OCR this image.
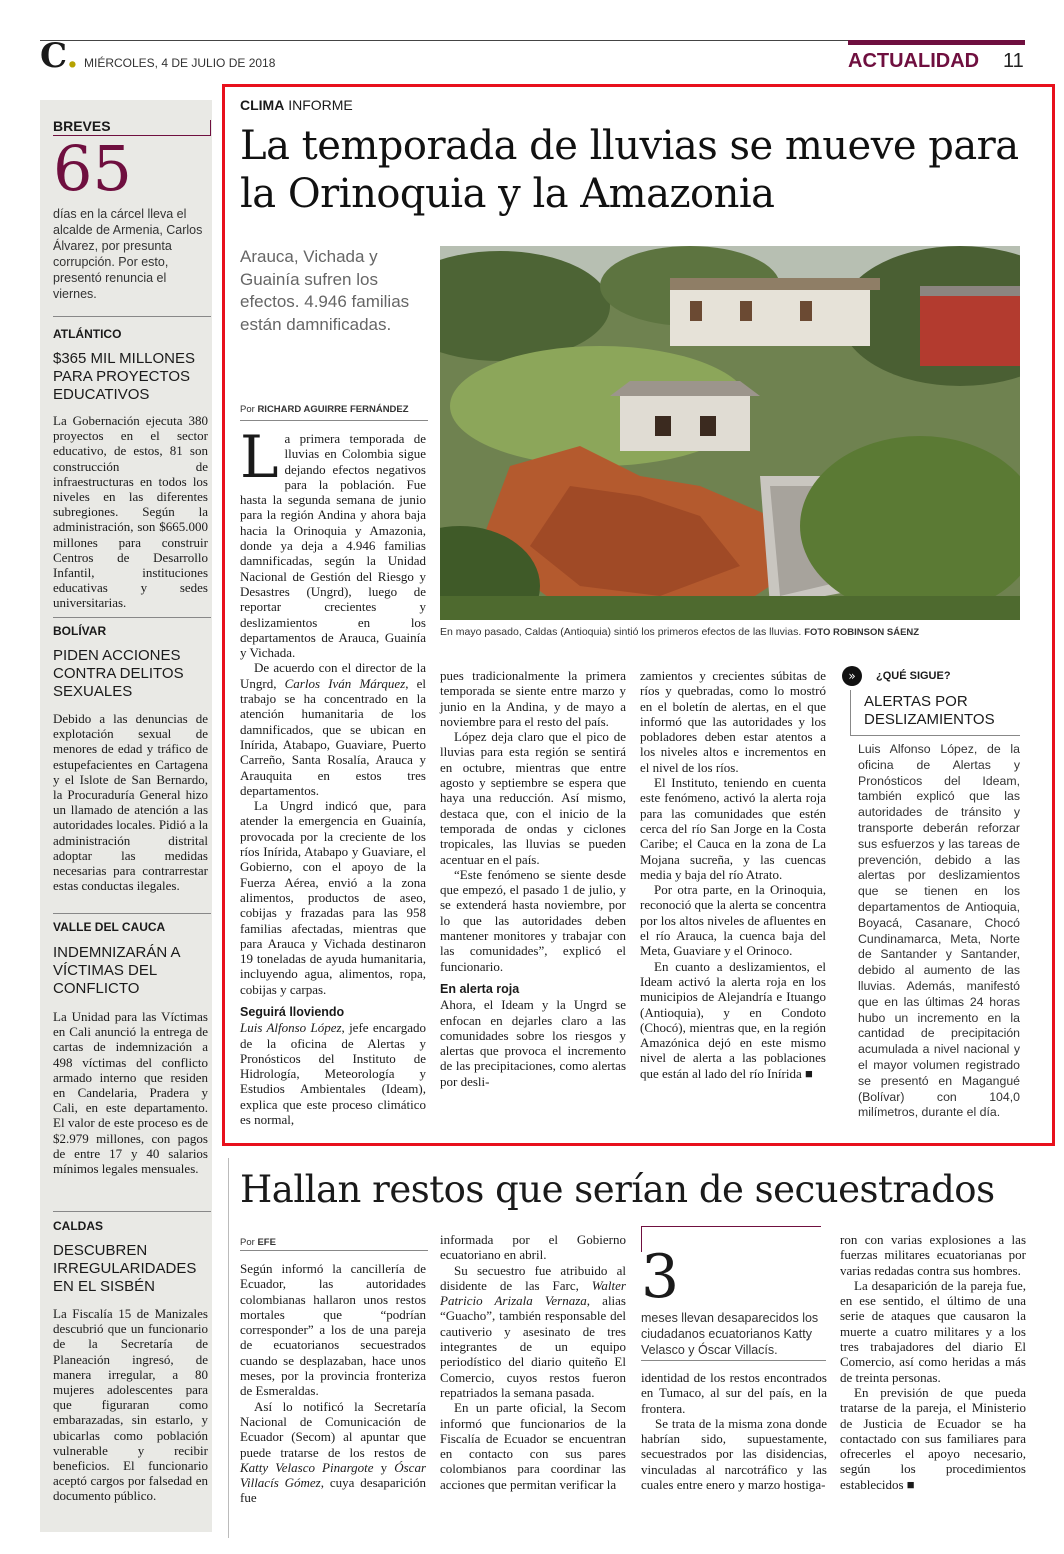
C. MIÉRCOLES, 4 DE JULIO DE 2018	ACTUALIDAD 11
BREVES
65
días en la cárcel lleva el alcalde de Armenia, Carlos Álvarez, por presunta corrupción. Por esto, presentó renuncia el viernes.
ATLÁNTICO
$365 MIL MILLONES PARA PROYECTOS EDUCATIVOS
La Gobernación ejecuta 380 proyectos en el sector educativo, de estos, 81 son construcción de infraestructuras en todos los niveles en las diferentes subregiones. Según la administración, son $665.000 millones para construir Centros de Desarrollo Infantil, instituciones educativas y sedes universitarias.
BOLÍVAR
PIDEN ACCIONES CONTRA DELITOS SEXUALES
Debido a las denuncias de explotación sexual de menores de edad y tráfico de estupefacientes en Cartagena y el Islote de San Bernardo, la Procuraduría General hizo un llamado de atención a las autoridades locales. Pidió a la administración distrital adoptar las medidas necesarias para contrarrestar estas conductas ilegales.
VALLE DEL CAUCA
INDEMNIZARÁN A VÍCTIMAS DEL CONFLICTO
La Unidad para las Víctimas en Cali anunció la entrega de cartas de indemnización a 498 víctimas del conflicto armado interno que residen en Candelaria, Pradera y Cali, en este departamento. El valor de este proceso es de $2.979 millones, con pagos de entre 17 y 40 salarios mínimos legales mensuales.
CALDAS
DESCUBREN IRREGULARIDADES EN EL SISBÉN
La Fiscalía 15 de Manizales descubrió que un funcionario de la Secretaría de Planeación ingresó, de manera irregular, a 80 mujeres adolescentes para que figuraran como embarazadas, sin estarlo, y ubicarlas como población vulnerable y recibir beneficios. El funcionario aceptó cargos por falsedad en documento público.
CLIMA INFORME
La temporada de lluvias se mueve para la Orinoquia y la Amazonia
Arauca, Vichada y Guainía sufren los efectos. 4.946 familias están damnificadas.
Por RICHARD AGUIRRE FERNÁNDEZ
En mayo pasado, Caldas (Antioquia) sintió los primeros efectos de las lluvias. FOTO ROBINSON SÁENZ
L a primera temporada de lluvias en Colombia sigue dejando efectos negativos para la población. Fue hasta la segunda semana de junio para la región Andina y ahora baja hacia la Orinoquia y Amazonia, donde ya deja a 4.946 familias damnificadas, según la Unidad Nacional de Gestión del Riesgo y Desastres (Ungrd), luego de reportar crecientes y deslizamientos en los departamentos de Arauca, Guainía y Vichada.

De acuerdo con el director de la Ungrd, Carlos Iván Márquez, el trabajo se ha concentrado en la atención humanitaria de los damnificados, que se ubican en Inírida, Atabapo, Guaviare, Puerto Carreño, Santa Rosalía, Arauca y Arauquita en estos tres departamentos.

La Ungrd indicó que, para atender la emergencia en Guainía, provocada por la creciente de los ríos Inírida, Atabapo y Guaviare, el Gobierno, con el apoyo de la Fuerza Aérea, envió a la zona alimentos, productos de aseo, cobijas y frazadas para las 958 familias afectadas, mientras que para Arauca y Vichada destinaron 19 toneladas de ayuda humanitaria, incluyendo agua, alimentos, ropa, cobijas y carpas.

Seguirá lloviendo

Luis Alfonso López, jefe encargado de la oficina de Alertas y Pronósticos del Instituto de Hidrología, Meteorología y Estudios Ambientales (Ideam), explica que este proceso climático es normal,

pues tradicionalmente la primera temporada se siente entre marzo y junio en la Andina, y de mayo a noviembre para el resto del país.

López deja claro que el pico de lluvias para esta región se sentirá en octubre, mientras que entre agosto y septiembre se espera que haya una reducción. Así mismo, destaca que, con el inicio de la temporada de ondas y ciclones tropicales, las lluvias se pueden acentuar en el país.

“Este fenómeno se siente desde que empezó, el pasado 1 de julio, y se extenderá hasta noviembre, por lo que las autoridades deben mantener monitores y trabajar con las comunidades”, explicó el funcionario.

En alerta roja

Ahora, el Ideam y la Ungrd se enfocan en dejarles claro a las comunidades sobre los riesgos y alertas que provoca el incremento de las precipitaciones, como alertas por desli-

zamientos y crecientes súbitas de ríos y quebradas, como lo mostró en el boletín de alertas, en el que informó que las autoridades y los pobladores deben estar atentos a los niveles altos e incrementos en el nivel de los ríos.

El Instituto, teniendo en cuenta este fenómeno, activó la alerta roja para las comunidades que estén cerca del río San Jorge en la Costa Caribe; el Cauca en la zona de La Mojana sucreña, y las cuencas media y baja del río Atrato.

Por otra parte, en la Orinoquia, reconoció que la alerta se concentra por los altos niveles de afluentes en el río Arauca, la cuenca baja del Meta, Guaviare y el Orinoco.

En cuanto a deslizamientos, el Ideam activó la alerta roja en los municipios de Alejandría e Ituango (Antioquia), y en Condoto (Chocó), mientras que, en la región Amazónica dejó en este mismo nivel de alerta a las poblaciones que están al lado del río Inírida ■

»	¿QUÉ SIGUE?
ALERTAS POR DESLIZAMIENTOS
Luis Alfonso López, de la oficina de Alertas y Pronósticos del Ideam, también explicó que las autoridades de tránsito y transporte deberán reforzar sus esfuerzos y las tareas de prevención, debido a las alertas por deslizamientos que se tienen en los departamentos de Antioquia, Boyacá, Casanare, Chocó Cundinamarca, Meta, Norte de Santander y Santander, debido al aumento de las lluvias. Además, manifestó que en las últimas 24 horas hubo un incremento en la cantidad de precipitación acumulada a nivel nacional y el mayor volumen registrado se presentó en Magangué (Bolívar) con 104,0 milímetros, durante el día.
Hallan restos que serían de secuestrados
Por EFE

Según informó la cancillería de Ecuador, las autoridades colombianas hallaron unos restos mortales que “podrían corresponder” a los de una pareja de ecuatorianos secuestrados cuando se desplazaban, hace unos meses, por la provincia fronteriza de Esmeraldas.

Así lo notificó la Secretaría Nacional de Comunicación de Ecuador (Secom) al apuntar que puede tratarse de los restos de Katty Velasco Pinargote y Óscar Villacís Gómez, cuya desaparición fue

informada por el Gobierno ecuatoriano en abril.

Su secuestro fue atribuido al disidente de las Farc, Walter Patricio Arizala Vernaza, alias “Guacho”, también responsable del cautiverio y asesinato de tres integrantes de un equipo periodístico del diario quiteño El Comercio, cuyos restos fueron repatriados la semana pasada.

En un parte oficial, la Secom informó que funcionarios de la Fiscalía de Ecuador se encuentran en contacto con sus pares colombianos para coordinar las acciones que permitan verificar la

3
meses llevan desaparecidos los ciudadanos ecuatorianos Katty Velasco y Óscar Villacís.

identidad de los restos encontrados en Tumaco, al sur del país, en la frontera.

Se trata de la misma zona donde habrían sido, supuestamente, secuestrados por las disidencias, vinculadas al narcotráfico y las cuales entre enero y marzo hostiga-

ron con varias explosiones a las fuerzas militares ecuatorianas por varias redadas contra sus hombres.

La desaparición de la pareja fue, en ese sentido, el último de una serie de ataques que causaron la muerte a cuatro militares y a los tres trabajadores del diario El Comercio, así como heridas a más de treinta personas.

En previsión de que pueda tratarse de la pareja, el Ministerio de Justicia de Ecuador se ha contactado con sus familiares para ofrecerles el apoyo necesario, según los procedimientos establecidos ■
